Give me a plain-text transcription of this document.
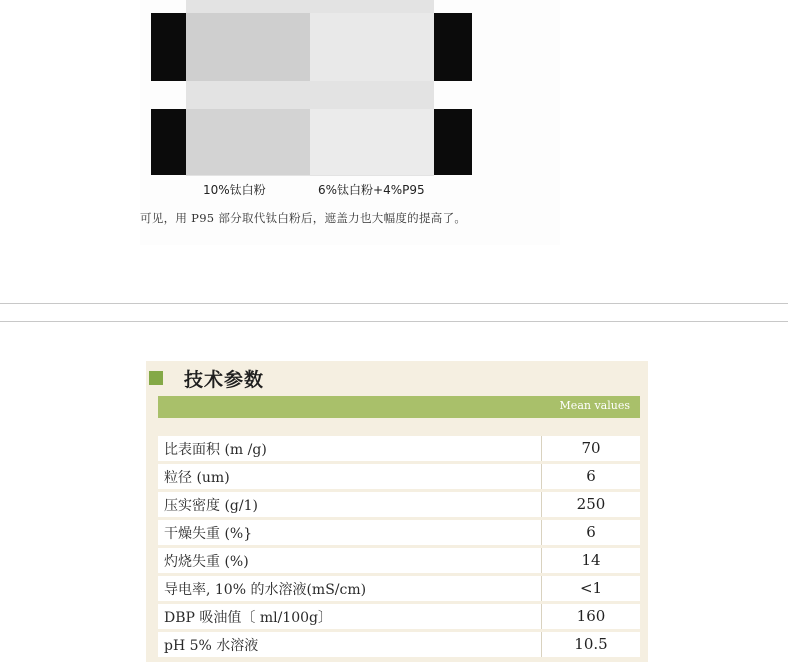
10%钛白粉	6%钛白粉+4%P95
可见，用 P95 部分取代钛白粉后，遮盖力也大幅度的提高了。
技术参数
Mean values
比表面积 (m /g)	70
粒径 (um)	6
压实密度 (g/1)	250
干燥失重 (%}	6
灼烧失重 (%)	14
导电率, 10% 的水溶液(mS/cm)	<1
DBP 吸油值〔 ml/100g〕	160
pH 5% 水溶液	10.5
